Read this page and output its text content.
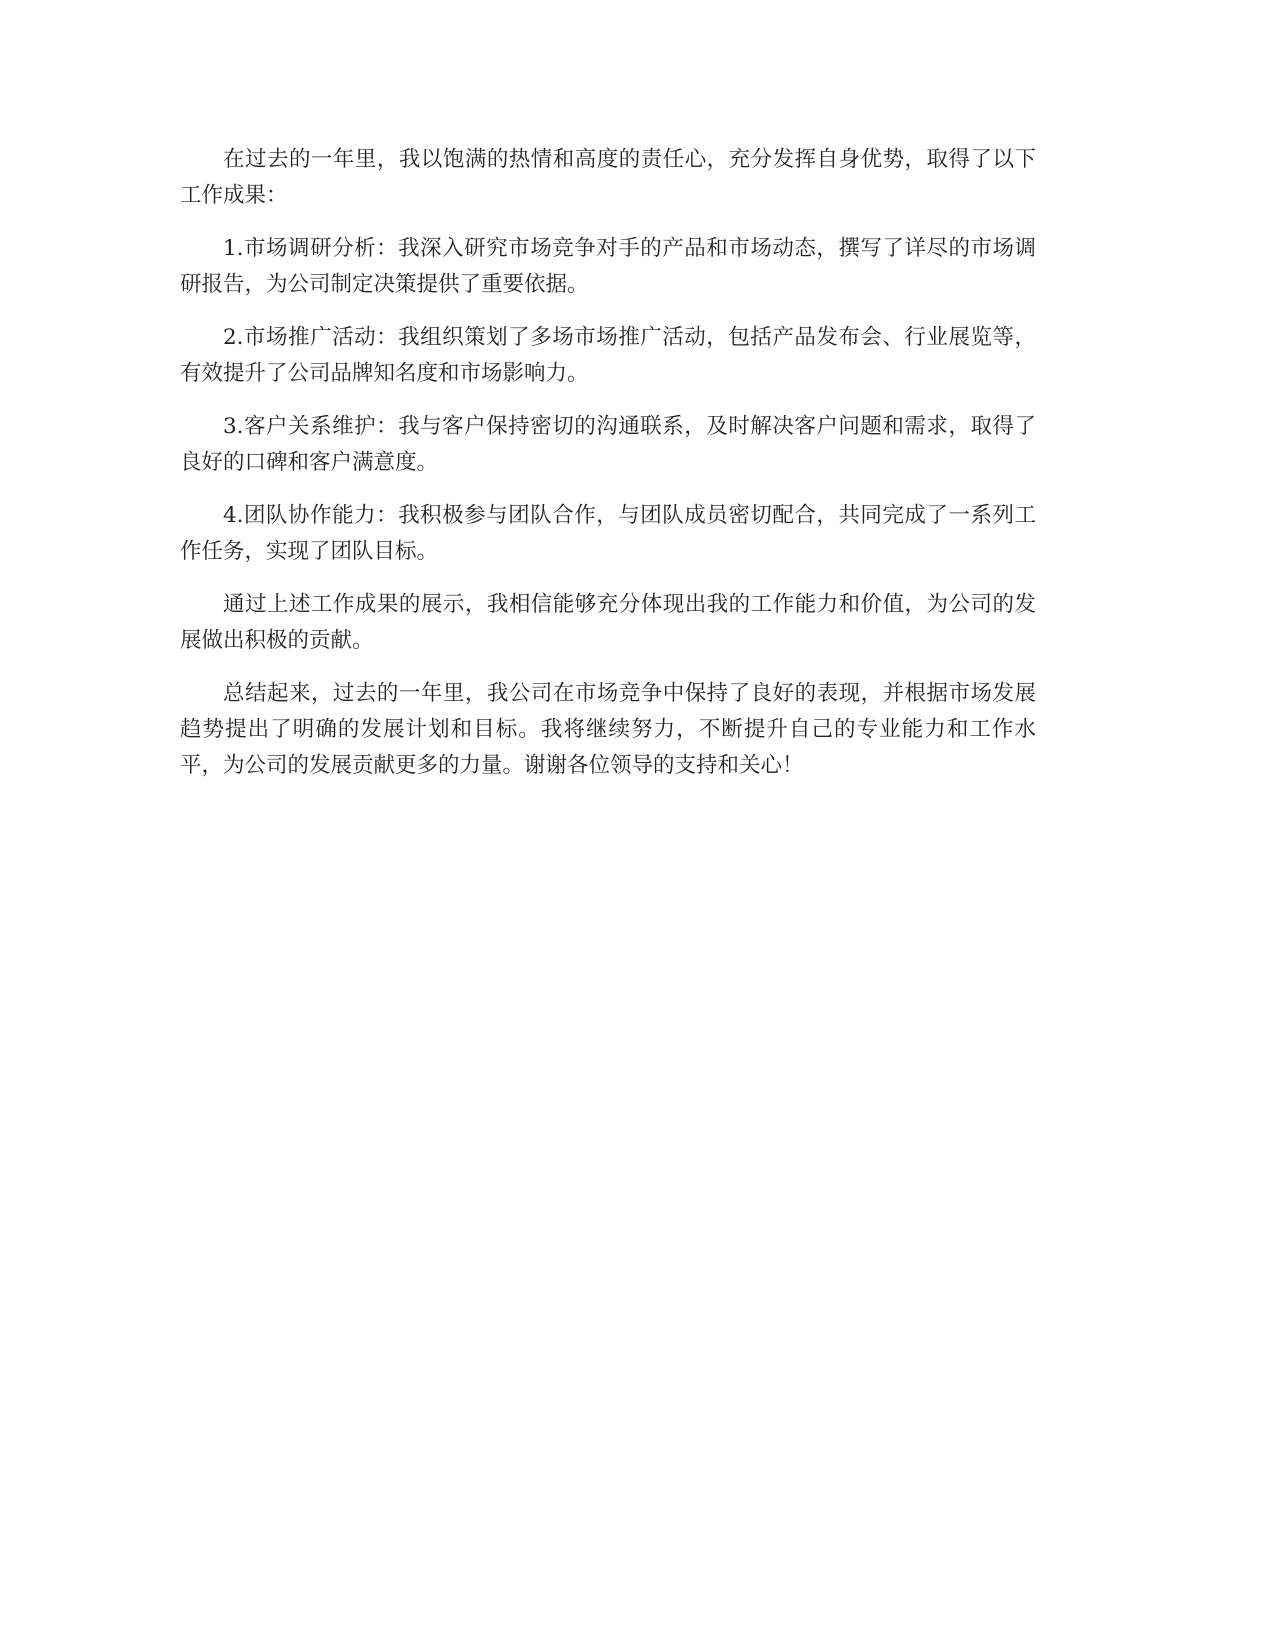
在过去的一年里，我以饱满的热情和高度的责任心，充分发挥自身优势，取得了以下工作成果：

1.市场调研分析：我深入研究市场竞争对手的产品和市场动态，撰写了详尽的市场调研报告，为公司制定决策提供了重要依据。

2.市场推广活动：我组织策划了多场市场推广活动，包括产品发布会、行业展览等，有效提升了公司品牌知名度和市场影响力。

3.客户关系维护：我与客户保持密切的沟通联系，及时解决客户问题和需求，取得了良好的口碑和客户满意度。

4.团队协作能力：我积极参与团队合作，与团队成员密切配合，共同完成了一系列工作任务，实现了团队目标。

通过上述工作成果的展示，我相信能够充分体现出我的工作能力和价值，为公司的发展做出积极的贡献。

总结起来，过去的一年里，我公司在市场竞争中保持了良好的表现，并根据市场发展趋势提出了明确的发展计划和目标。我将继续努力，不断提升自己的专业能力和工作水平，为公司的发展贡献更多的力量。谢谢各位领导的支持和关心！
